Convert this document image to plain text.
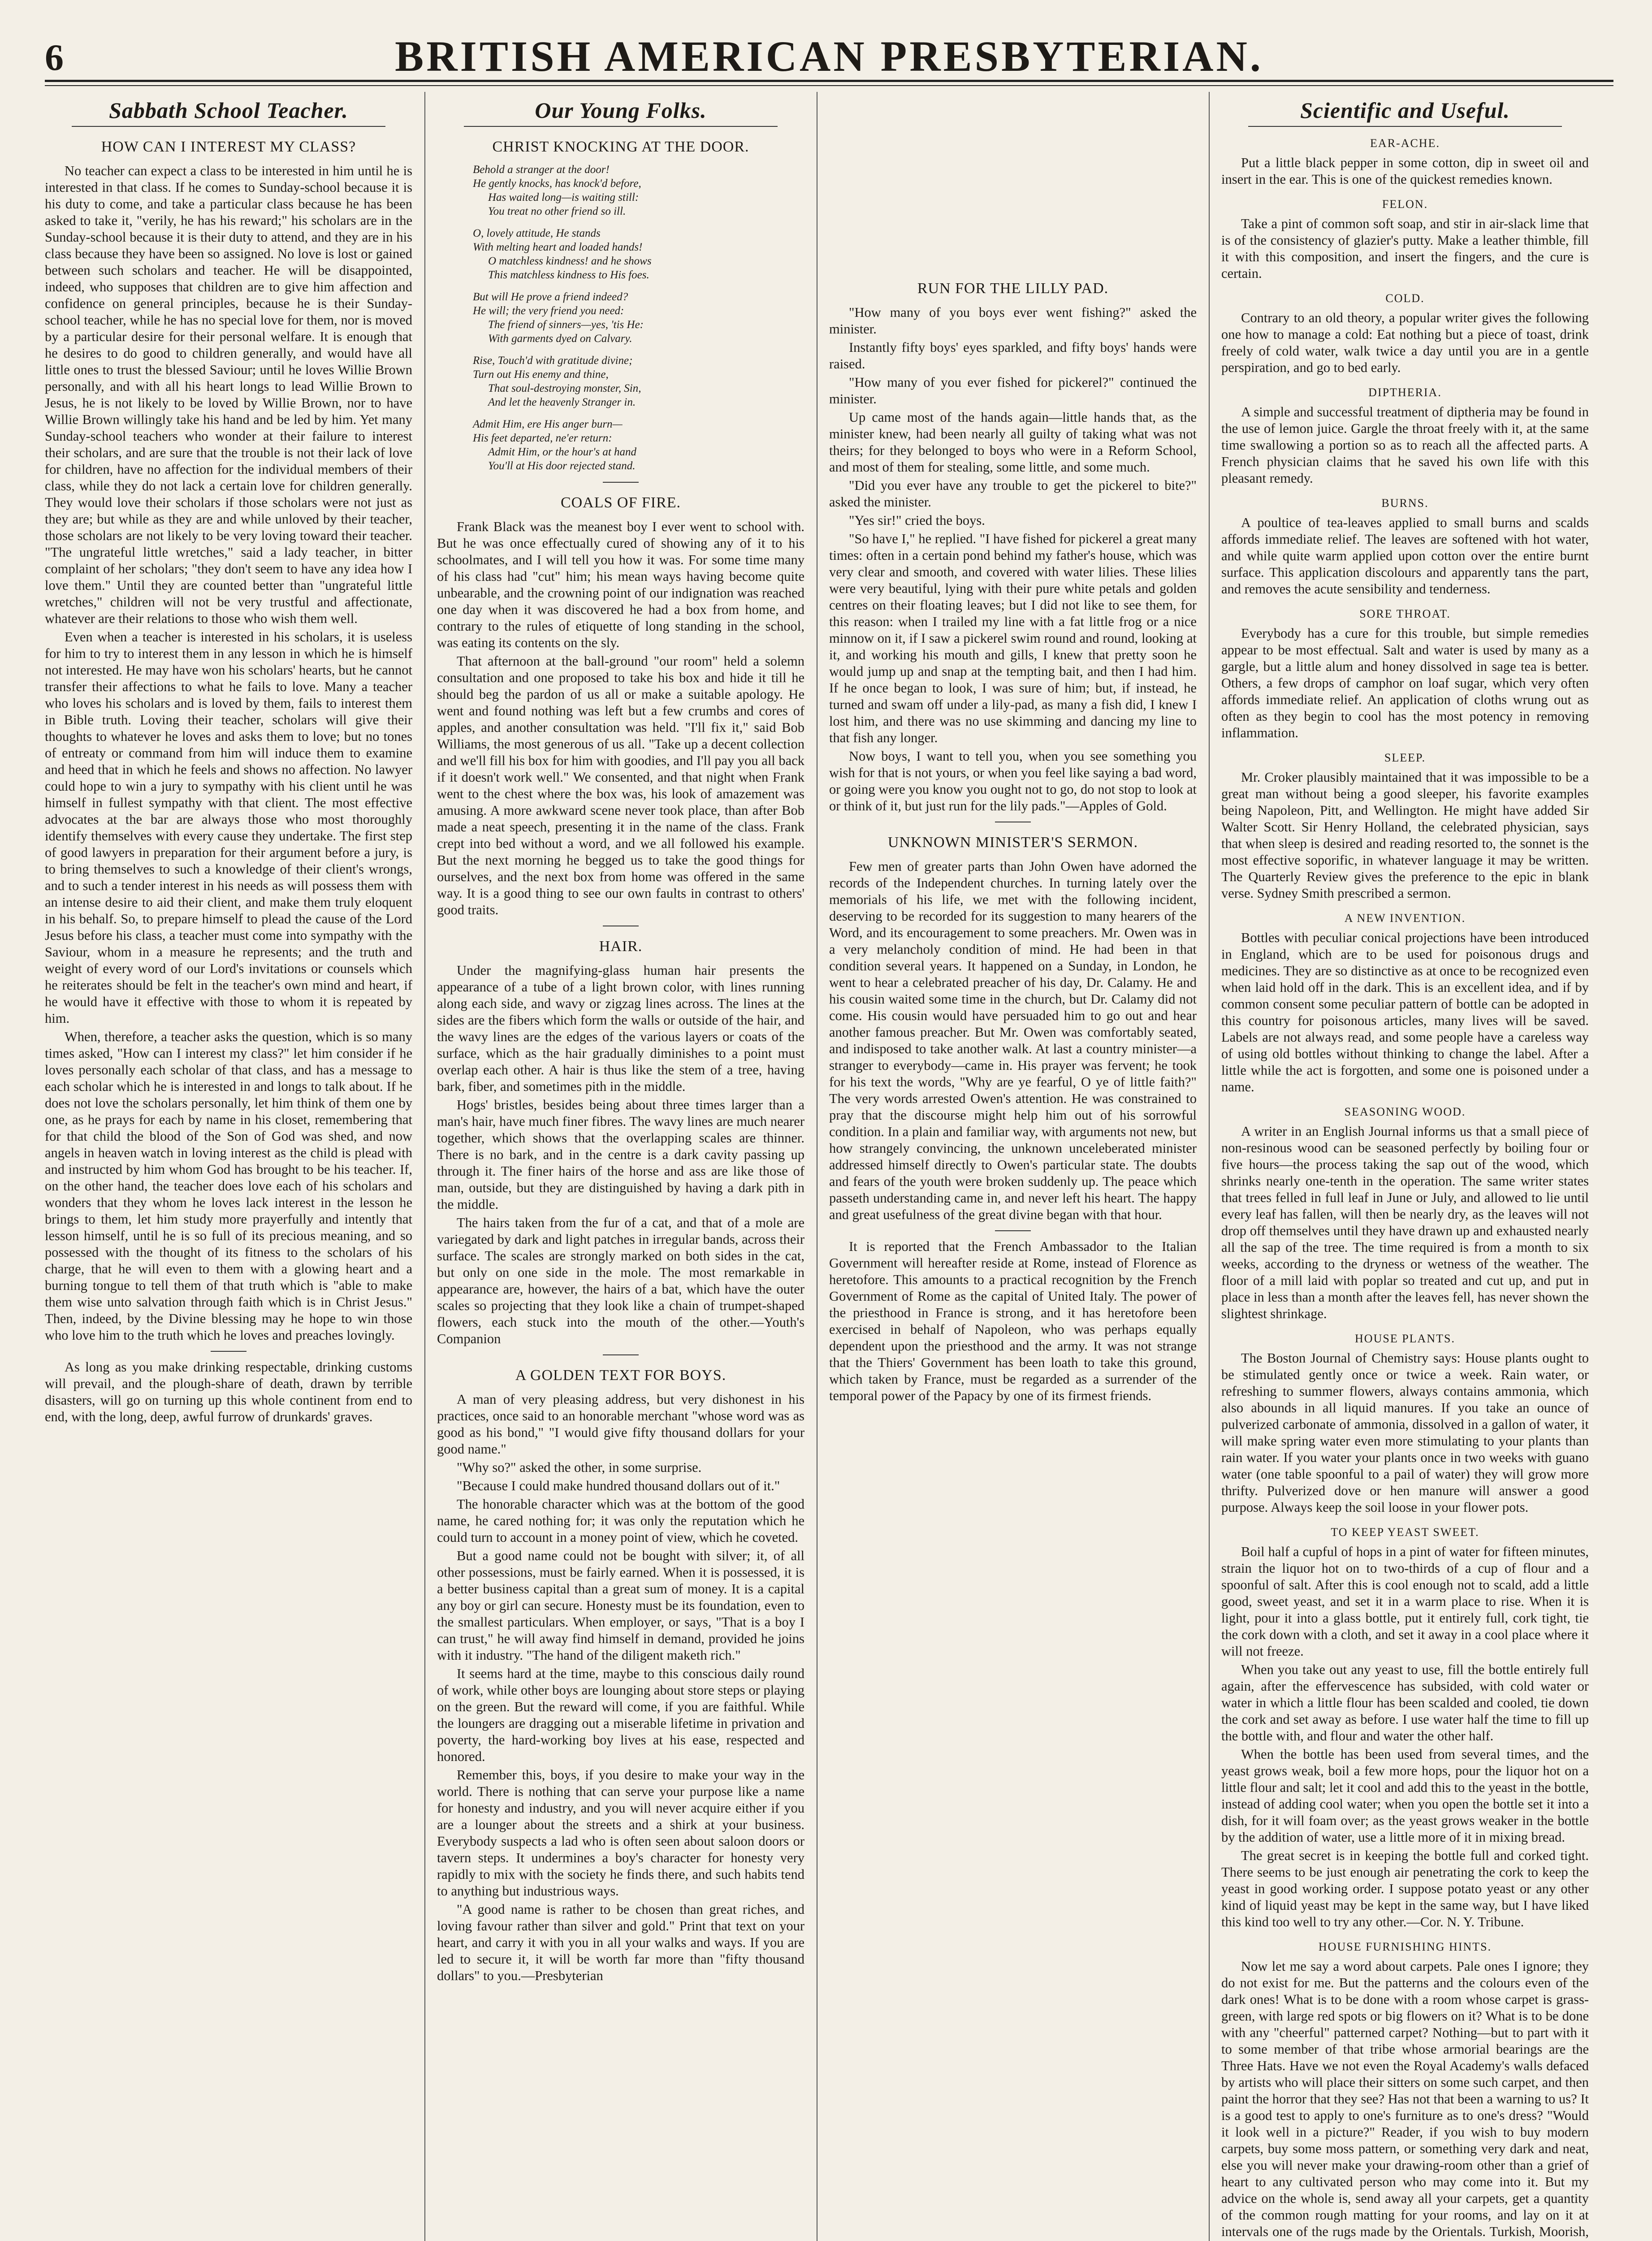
6	BRITISH AMERICAN PRESBYTERIAN.
Sabbath School Teacher.
HOW CAN I INTEREST MY CLASS?

No teacher can expect a class to be interested in him until he is interested in that class. If he comes to Sunday-school because it is his duty to come, and take a particular class because he has been asked to take it, "verily, he has his reward;" his scholars are in the Sunday-school because it is their duty to attend, and they are in his class because they have been so assigned. No love is lost or gained between such scholars and teacher. He will be disappointed, indeed, who supposes that children are to give him affection and confidence on general principles, because he is their Sunday-school teacher, while he has no special love for them, nor is moved by a particular desire for their personal welfare. It is enough that he desires to do good to children generally, and would have all little ones to trust the blessed Saviour; until he loves Willie Brown personally, and with all his heart longs to lead Willie Brown to Jesus, he is not likely to be loved by Willie Brown, nor to have Willie Brown willingly take his hand and be led by him. Yet many Sunday-school teachers who wonder at their failure to interest their scholars, and are sure that the trouble is not their lack of love for children, have no affection for the individual members of their class, while they do not lack a certain love for children generally. They would love their scholars if those scholars were not just as they are; but while as they are and while unloved by their teacher, those scholars are not likely to be very loving toward their teacher. "The ungrateful little wretches," said a lady teacher, in bitter complaint of her scholars; "they don't seem to have any idea how I love them." Until they are counted better than "ungrateful little wretches," children will not be very trustful and affectionate, whatever are their relations to those who wish them well.

Even when a teacher is interested in his scholars, it is useless for him to try to interest them in any lesson in which he is himself not interested. He may have won his scholars' hearts, but he cannot transfer their affections to what he fails to love. Many a teacher who loves his scholars and is loved by them, fails to interest them in Bible truth. Loving their teacher, scholars will give their thoughts to whatever he loves and asks them to love; but no tones of entreaty or command from him will induce them to examine and heed that in which he feels and shows no affection. No lawyer could hope to win a jury to sympathy with his client until he was himself in fullest sympathy with that client. The most effective advocates at the bar are always those who most thoroughly identify themselves with every cause they undertake. The first step of good lawyers in preparation for their argument before a jury, is to bring themselves to such a knowledge of their client's wrongs, and to such a tender interest in his needs as will possess them with an intense desire to aid their client, and make them truly eloquent in his behalf. So, to prepare himself to plead the cause of the Lord Jesus before his class, a teacher must come into sympathy with the Saviour, whom in a measure he represents; and the truth and weight of every word of our Lord's invitations or counsels which he reiterates should be felt in the teacher's own mind and heart, if he would have it effective with those to whom it is repeated by him.

When, therefore, a teacher asks the question, which is so many times asked, "How can I interest my class?" let him consider if he loves personally each scholar of that class, and has a message to each scholar which he is interested in and longs to talk about. If he does not love the scholars personally, let him think of them one by one, as he prays for each by name in his closet, remembering that for that child the blood of the Son of God was shed, and now angels in heaven watch in loving interest as the child is plead with and instructed by him whom God has brought to be his teacher. If, on the other hand, the teacher does love each of his scholars and wonders that they whom he loves lack interest in the lesson he brings to them, let him study more prayerfully and intently that lesson himself, until he is so full of its precious meaning, and so possessed with the thought of its fitness to the scholars of his charge, that he will even to them with a glowing heart and a burning tongue to tell them of that truth which is "able to make them wise unto salvation through faith which is in Christ Jesus." Then, indeed, by the Divine blessing may he hope to win those who love him to the truth which he loves and preaches lovingly.

As long as you make drinking respectable, drinking customs will prevail, and the plough-share of death, drawn by terrible disasters, will go on turning up this whole continent from end to end, with the long, deep, awful furrow of drunkards' graves.

Our Young Folks.
CHRIST KNOCKING AT THE DOOR.
Behold a stranger at the door!
He gently knocks, has knock'd before,
Has waited long—is waiting still:
You treat no other friend so ill.
O, lovely attitude, He stands
With melting heart and loaded hands!
O matchless kindness! and he shows
This matchless kindness to His foes.
But will He prove a friend indeed?
He will; the very friend you need:
The friend of sinners—yes, 'tis He:
With garments dyed on Calvary.
Rise, Touch'd with gratitude divine;
Turn out His enemy and thine,
That soul-destroying monster, Sin,
And let the heavenly Stranger in.
Admit Him, ere His anger burn—
His feet departed, ne'er return:
Admit Him, or the hour's at hand
You'll at His door rejected stand.
COALS OF FIRE.

Frank Black was the meanest boy I ever went to school with. But he was once effectually cured of showing any of it to his schoolmates, and I will tell you how it was. For some time many of his class had "cut" him; his mean ways having become quite unbearable, and the crowning point of our indignation was reached one day when it was discovered he had a box from home, and contrary to the rules of etiquette of long standing in the school, was eating its contents on the sly.

That afternoon at the ball-ground "our room" held a solemn consultation and one proposed to take his box and hide it till he should beg the pardon of us all or make a suitable apology. He went and found nothing was left but a few crumbs and cores of apples, and another consultation was held. "I'll fix it," said Bob Williams, the most generous of us all. "Take up a decent collection and we'll fill his box for him with goodies, and I'll pay you all back if it doesn't work well." We consented, and that night when Frank went to the chest where the box was, his look of amazement was amusing. A more awkward scene never took place, than after Bob made a neat speech, presenting it in the name of the class. Frank crept into bed without a word, and we all followed his example. But the next morning he begged us to take the good things for ourselves, and the next box from home was offered in the same way. It is a good thing to see our own faults in contrast to others' good traits.

HAIR.

Under the magnifying-glass human hair presents the appearance of a tube of a light brown color, with lines running along each side, and wavy or zigzag lines across. The lines at the sides are the fibers which form the walls or outside of the hair, and the wavy lines are the edges of the various layers or coats of the surface, which as the hair gradually diminishes to a point must overlap each other. A hair is thus like the stem of a tree, having bark, fiber, and sometimes pith in the middle.

Hogs' bristles, besides being about three times larger than a man's hair, have much finer fibres. The wavy lines are much nearer together, which shows that the overlapping scales are thinner. There is no bark, and in the centre is a dark cavity passing up through it. The finer hairs of the horse and ass are like those of man, outside, but they are distinguished by having a dark pith in the middle.

The hairs taken from the fur of a cat, and that of a mole are variegated by dark and light patches in irregular bands, across their surface. The scales are strongly marked on both sides in the cat, but only on one side in the mole. The most remarkable in appearance are, however, the hairs of a bat, which have the outer scales so projecting that they look like a chain of trumpet-shaped flowers, each stuck into the mouth of the other.—Youth's Companion

A GOLDEN TEXT FOR BOYS.

A man of very pleasing address, but very dishonest in his practices, once said to an honorable merchant "whose word was as good as his bond," "I would give fifty thousand dollars for your good name."

"Why so?" asked the other, in some surprise.

"Because I could make hundred thousand dollars out of it."

The honorable character which was at the bottom of the good name, he cared nothing for; it was only the reputation which he could turn to account in a money point of view, which he coveted.

But a good name could not be bought with silver; it, of all other possessions, must be fairly earned. When it is possessed, it is a better business capital than a great sum of money. It is a capital any boy or girl can secure. Honesty must be its foundation, even to the smallest particulars. When employer, or says, "That is a boy I can trust," he will away find himself in demand, provided he joins with it industry. "The hand of the diligent maketh rich."

It seems hard at the time, maybe to this conscious daily round of work, while other boys are lounging about store steps or playing on the green. But the reward will come, if you are faithful. While the loungers are dragging out a miserable lifetime in privation and poverty, the hard-working boy lives at his ease, respected and honored.

Remember this, boys, if you desire to make your way in the world. There is nothing that can serve your purpose like a name for honesty and industry, and you will never acquire either if you are a lounger about the streets and a shirk at your business. Everybody suspects a lad who is often seen about saloon doors or tavern steps. It undermines a boy's character for honesty very rapidly to mix with the society he finds there, and such habits tend to anything but industrious ways.

"A good name is rather to be chosen than great riches, and loving favour rather than silver and gold." Print that text on your heart, and carry it with you in all your walks and ways. If you are led to secure it, it will be worth far more than "fifty thousand dollars" to you.—Presbyterian

RUN FOR THE LILLY PAD.

"How many of you boys ever went fishing?" asked the minister.

Instantly fifty boys' eyes sparkled, and fifty boys' hands were raised.

"How many of you ever fished for pickerel?" continued the minister.

Up came most of the hands again—little hands that, as the minister knew, had been nearly all guilty of taking what was not theirs; for they belonged to boys who were in a Reform School, and most of them for stealing, some little, and some much.

"Did you ever have any trouble to get the pickerel to bite?" asked the minister.

"Yes sir!" cried the boys.

"So have I," he replied. "I have fished for pickerel a great many times: often in a certain pond behind my father's house, which was very clear and smooth, and covered with water lilies. These lilies were very beautiful, lying with their pure white petals and golden centres on their floating leaves; but I did not like to see them, for this reason: when I trailed my line with a fat little frog or a nice minnow on it, if I saw a pickerel swim round and round, looking at it, and working his mouth and gills, I knew that pretty soon he would jump up and snap at the tempting bait, and then I had him. If he once began to look, I was sure of him; but, if instead, he turned and swam off under a lily-pad, as many a fish did, I knew I lost him, and there was no use skimming and dancing my line to that fish any longer.

Now boys, I want to tell you, when you see something you wish for that is not yours, or when you feel like saying a bad word, or going were you know you ought not to go, do not stop to look at or think of it, but just run for the lily pads."—Apples of Gold.

UNKNOWN MINISTER'S SERMON.

Few men of greater parts than John Owen have adorned the records of the Independent churches. In turning lately over the memorials of his life, we met with the following incident, deserving to be recorded for its suggestion to many hearers of the Word, and its encouragement to some preachers. Mr. Owen was in a very melancholy condition of mind. He had been in that condition several years. It happened on a Sunday, in London, he went to hear a celebrated preacher of his day, Dr. Calamy. He and his cousin waited some time in the church, but Dr. Calamy did not come. His cousin would have persuaded him to go out and hear another famous preacher. But Mr. Owen was comfortably seated, and indisposed to take another walk. At last a country minister—a stranger to everybody—came in. His prayer was fervent; he took for his text the words, "Why are ye fearful, O ye of little faith?" The very words arrested Owen's attention. He was constrained to pray that the discourse might help him out of his sorrowful condition. In a plain and familiar way, with arguments not new, but how strangely convincing, the unknown unceleberated minister addressed himself directly to Owen's particular state. The doubts and fears of the youth were broken suddenly up. The peace which passeth understanding came in, and never left his heart. The happy and great usefulness of the great divine began with that hour.

It is reported that the French Ambassador to the Italian Government will hereafter reside at Rome, instead of Florence as heretofore. This amounts to a practical recognition by the French Government of Rome as the capital of United Italy. The power of the priesthood in France is strong, and it has heretofore been exercised in behalf of Napoleon, who was perhaps equally dependent upon the priesthood and the army. It was not strange that the Thiers' Government has been loath to take this ground, which taken by France, must be regarded as a surrender of the temporal power of the Papacy by one of its firmest friends.

Scientific and Useful.
EAR-ACHE.

Put a little black pepper in some cotton, dip in sweet oil and insert in the ear. This is one of the quickest remedies known.

FELON.

Take a pint of common soft soap, and stir in air-slack lime that is of the consistency of glazier's putty. Make a leather thimble, fill it with this composition, and insert the fingers, and the cure is certain.

COLD.

Contrary to an old theory, a popular writer gives the following one how to manage a cold: Eat nothing but a piece of toast, drink freely of cold water, walk twice a day until you are in a gentle perspiration, and go to bed early.

DIPTHERIA.

A simple and successful treatment of diptheria may be found in the use of lemon juice. Gargle the throat freely with it, at the same time swallowing a portion so as to reach all the affected parts. A French physician claims that he saved his own life with this pleasant remedy.

BURNS.

A poultice of tea-leaves applied to small burns and scalds affords immediate relief. The leaves are softened with hot water, and while quite warm applied upon cotton over the entire burnt surface. This application discolours and apparently tans the part, and removes the acute sensibility and tenderness.

SORE THROAT.

Everybody has a cure for this trouble, but simple remedies appear to be most effectual. Salt and water is used by many as a gargle, but a little alum and honey dissolved in sage tea is better. Others, a few drops of camphor on loaf sugar, which very often affords immediate relief. An application of cloths wrung out as often as they begin to cool has the most potency in removing inflammation.

SLEEP.

Mr. Croker plausibly maintained that it was impossible to be a great man without being a good sleeper, his favorite examples being Napoleon, Pitt, and Wellington. He might have added Sir Walter Scott. Sir Henry Holland, the celebrated physician, says that when sleep is desired and reading resorted to, the sonnet is the most effective soporific, in whatever language it may be written. The Quarterly Review gives the preference to the epic in blank verse. Sydney Smith prescribed a sermon.

A NEW INVENTION.

Bottles with peculiar conical projections have been introduced in England, which are to be used for poisonous drugs and medicines. They are so distinctive as at once to be recognized even when laid hold off in the dark. This is an excellent idea, and if by common consent some peculiar pattern of bottle can be adopted in this country for poisonous articles, many lives will be saved. Labels are not always read, and some people have a careless way of using old bottles without thinking to change the label. After a little while the act is forgotten, and some one is poisoned under a name.

SEASONING WOOD.

A writer in an English Journal informs us that a small piece of non-resinous wood can be seasoned perfectly by boiling four or five hours—the process taking the sap out of the wood, which shrinks nearly one-tenth in the operation. The same writer states that trees felled in full leaf in June or July, and allowed to lie until every leaf has fallen, will then be nearly dry, as the leaves will not drop off themselves until they have drawn up and exhausted nearly all the sap of the tree. The time required is from a month to six weeks, according to the dryness or wetness of the weather. The floor of a mill laid with poplar so treated and cut up, and put in place in less than a month after the leaves fell, has never shown the slightest shrinkage.

HOUSE PLANTS.

The Boston Journal of Chemistry says: House plants ought to be stimulated gently once or twice a week. Rain water, or refreshing to summer flowers, always contains ammonia, which also abounds in all liquid manures. If you take an ounce of pulverized carbonate of ammonia, dissolved in a gallon of water, it will make spring water even more stimulating to your plants than rain water. If you water your plants once in two weeks with guano water (one table spoonful to a pail of water) they will grow more thrifty. Pulverized dove or hen manure will answer a good purpose. Always keep the soil loose in your flower pots.

TO KEEP YEAST SWEET.

Boil half a cupful of hops in a pint of water for fifteen minutes, strain the liquor hot on to two-thirds of a cup of flour and a spoonful of salt. After this is cool enough not to scald, add a little good, sweet yeast, and set it in a warm place to rise. When it is light, pour it into a glass bottle, put it entirely full, cork tight, tie the cork down with a cloth, and set it away in a cool place where it will not freeze.

When you take out any yeast to use, fill the bottle entirely full again, after the effervescence has subsided, with cold water or water in which a little flour has been scalded and cooled, tie down the cork and set away as before. I use water half the time to fill up the bottle with, and flour and water the other half.

When the bottle has been used from several times, and the yeast grows weak, boil a few more hops, pour the liquor hot on a little flour and salt; let it cool and add this to the yeast in the bottle, instead of adding cool water; when you open the bottle set it into a dish, for it will foam over; as the yeast grows weaker in the bottle by the addition of water, use a little more of it in mixing bread.

The great secret is in keeping the bottle full and corked tight. There seems to be just enough air penetrating the cork to keep the yeast in good working order. I suppose potato yeast or any other kind of liquid yeast may be kept in the same way, but I have liked this kind too well to try any other.—Cor. N. Y. Tribune.

HOUSE FURNISHING HINTS.

Now let me say a word about carpets. Pale ones I ignore; they do not exist for me. But the patterns and the colours even of the dark ones! What is to be done with a room whose carpet is grass-green, with large red spots or big flowers on it? What is to be done with any "cheerful" patterned carpet? Nothing—but to part with it to some member of that tribe whose armorial bearings are the Three Hats. Have we not even the Royal Academy's walls defaced by artists who will place their sitters on some such carpet, and then paint the horror that they see? Has not that been a warning to us? It is a good test to apply to one's furniture as to one's dress? "Would it look well in a picture?" Reader, if you wish to buy modern carpets, buy some moss pattern, or something very dark and neat, else you will never make your drawing-room other than a grief of heart to any cultivated person who may come into it. But my advice on the whole is, send away all your carpets, get a quantity of the common rough matting for your rooms, and lay on it at intervals one of the rugs made by the Orientals. Turkish, Moorish,
